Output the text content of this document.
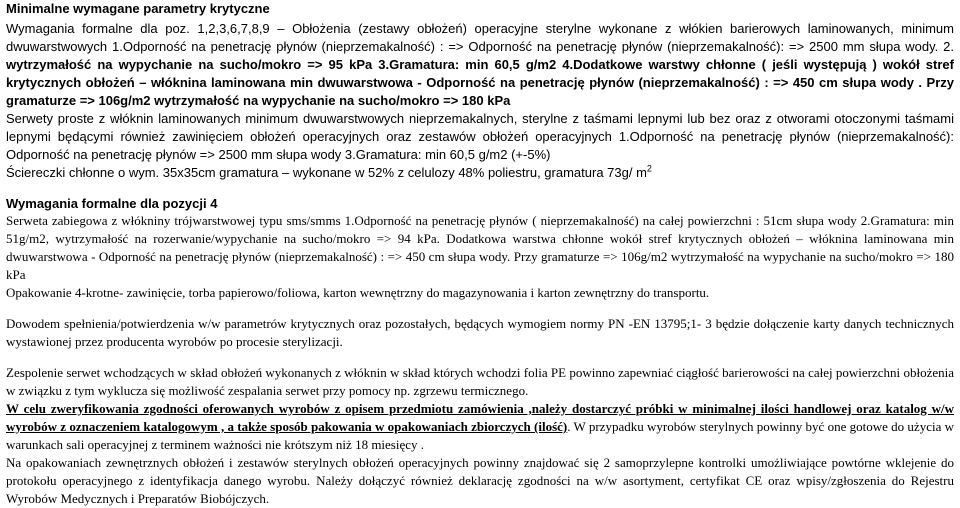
Minimalne wymagane parametry krytyczne

Wymagania formalne dla poz. 1,2,3,6,7,8,9 – Obłożenia (zestawy obłożeń) operacyjne sterylne wykonane z włókien barierowych laminowanych, minimum dwuwarstwowych 1.Odporność na penetrację płynów (nieprzemakalność) : => Odporność na penetrację płynów (nieprzemakalność): => 2500 mm słupa wody. 2. wytrzymałość na wypychanie na sucho/mokro => 95 kPa 3.Gramatura: min 60,5 g/m2 4.Dodatkowe warstwy chłonne ( jeśli występują ) wokół stref krytycznych obłożeń – włóknina laminowana min dwuwarstwowa - Odporność na penetrację płynów (nieprzemakalność) : => 450 cm słupa wody . Przy gramaturze => 106g/m2 wytrzymałość na wypychanie na sucho/mokro => 180 kPa

Serwety proste z włóknin laminowanych minimum dwuwarstwowych nieprzemakalnych, sterylne z taśmami lepnymi lub bez oraz z otworami otoczonymi taśmami lepnymi będącymi również zawinięciem obłożeń operacyjnych oraz zestawów obłożeń operacyjnych 1.Odporność na penetrację płynów (nieprzemakalność): Odporność na penetrację płynów => 2500 mm słupa wody 3.Gramatura: min 60,5 g/m2 (+-5%)

Ściereczki chłonne o wym. 35x35cm gramatura – wykonane w 52% z celulozy 48% poliestru, gramatura 73g/ $m^2$

Wymagania formalne dla pozycji 4

Serweta zabiegowa z włókniny trójwarstwowej typu sms/smms 1.Odporność na penetrację płynów ( nieprzemakalność) na całej powierzchni : 51cm słupa wody 2.Gramatura: min 51g/m2, wytrzymałość na rozerwanie/wypychanie na sucho/mokro => 94 kPa. Dodatkowa warstwa chłonne wokół stref krytycznych obłożeń – włóknina laminowana min dwuwarstwowa - Odporność na penetrację płynów (nieprzemakalność) : => 450 cm słupa wody. Przy gramaturze => 106g/m2 wytrzymałość na wypychanie na sucho/mokro => 180 kPa

Opakowanie 4-krotne- zawinięcie, torba papierowo/foliowa, karton wewnętrzny do magazynowania i karton zewnętrzny do transportu.

Dowodem spełnienia/potwierdzenia w/w parametrów krytycznych oraz pozostałych, będących wymogiem normy PN -EN 13795;1- 3 będzie dołączenie karty danych technicznych wystawionej przez producenta wyrobów po procesie sterylizacji.

Zespolenie serwet wchodzących w skład obłożeń wykonanych z włóknin w skład których wchodzi folia PE powinno zapewniać ciągłość barierowości na całej powierzchni obłożenia w związku z tym wyklucza się możliwość zespalania serwet przy pomocy np. zgrzewu termicznego.

W celu zweryfikowania zgodności oferowanych wyrobów z opisem przedmiotu zamówienia ,należy dostarczyć próbki w minimalnej ilości handlowej oraz katalog w/w wyrobów z oznaczeniem katalogowym , a także sposób pakowania w opakowaniach zbiorczych (ilość). W przypadku wyrobów sterylnych powinny być one gotowe do użycia w warunkach sali operacyjnej z terminem ważności nie krótszym niż 18 miesięcy .

Na opakowaniach zewnętrznych obłożeń i zestawów sterylnych obłożeń operacyjnych powinny znajdować się 2 samoprzylepne kontrolki umożliwiające powtórne wklejenie do protokołu operacyjnego z identyfikacja danego wyrobu. Należy dołączyć również deklarację zgodności na w/w asortyment, certyfikat CE oraz wpisy/zgłoszenia do Rejestru Wyrobów Medycznych i Preparatów Biobójczych.
